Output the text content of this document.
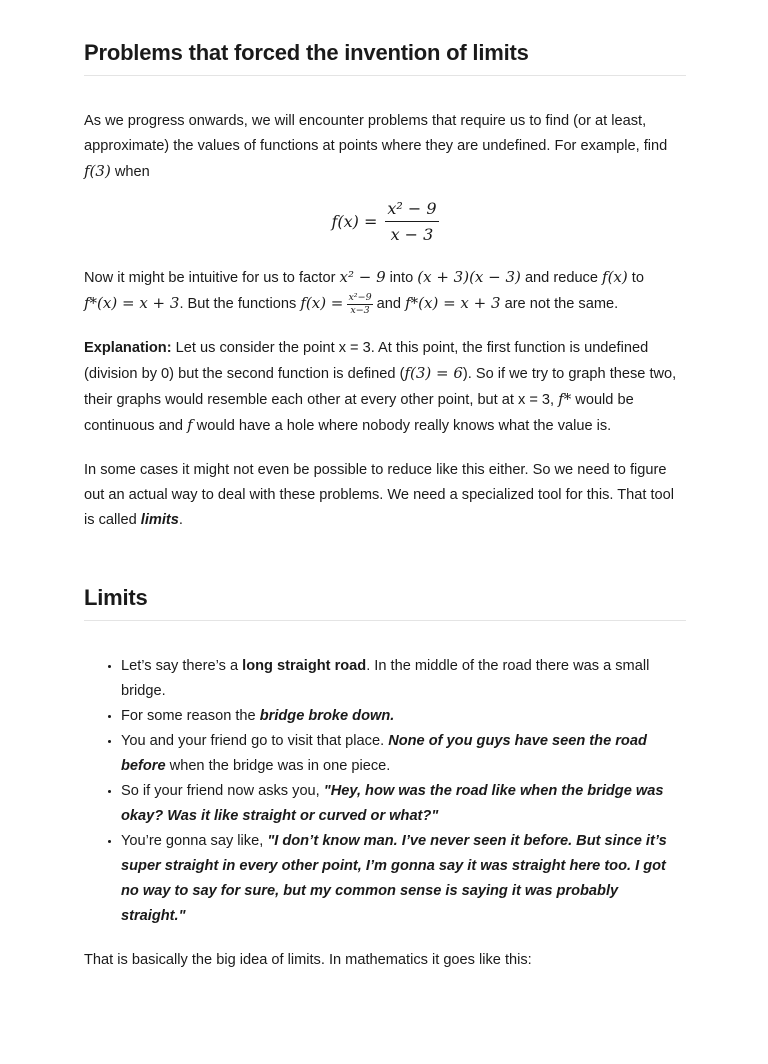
Problems that forced the invention of limits

As we progress onwards, we will encounter problems that require us to find (or at least, approximate) the values of functions at points where they are undefined. For example, find f(3) when

$f(x) = \frac{\text{x² − 9}}{x - 3}$

Now it might be intuitive for us to factor x² − 9 into (x + 3)(x − 3) and reduce f(x) to f*(x) = x + 3. But the functions $f(x) = \frac{\text{x²−9}}{x-3}$ and f*(x) = x + 3 are not the same.

Explanation: Let us consider the point x = 3. At this point, the first function is undefined (division by 0) but the second function is defined (f(3) = 6). So if we try to graph these two, their graphs would resemble each other at every other point, but at x = 3, f* would be continuous and f would have a hole where nobody really knows what the value is.

In some cases it might not even be possible to reduce like this either. So we need to figure out an actual way to deal with these problems. We need a specialized tool for this. That tool is called limits.

Limits
• Let’s say there’s a long straight road. In the middle of the road there was a small bridge.
• For some reason the bridge broke down.
• You and your friend go to visit that place. None of you guys have seen the road before when the bridge was in one piece.
• So if your friend now asks you, "Hey, how was the road like when the bridge was okay? Was it like straight or curved or what?"
• You’re gonna say like, "I don’t know man. I’ve never seen it before. But since it’s super straight in every other point, I’m gonna say it was straight here too. I got no way to say for sure, but my common sense is saying it was probably straight."

That is basically the big idea of limits. In mathematics it goes like this:
